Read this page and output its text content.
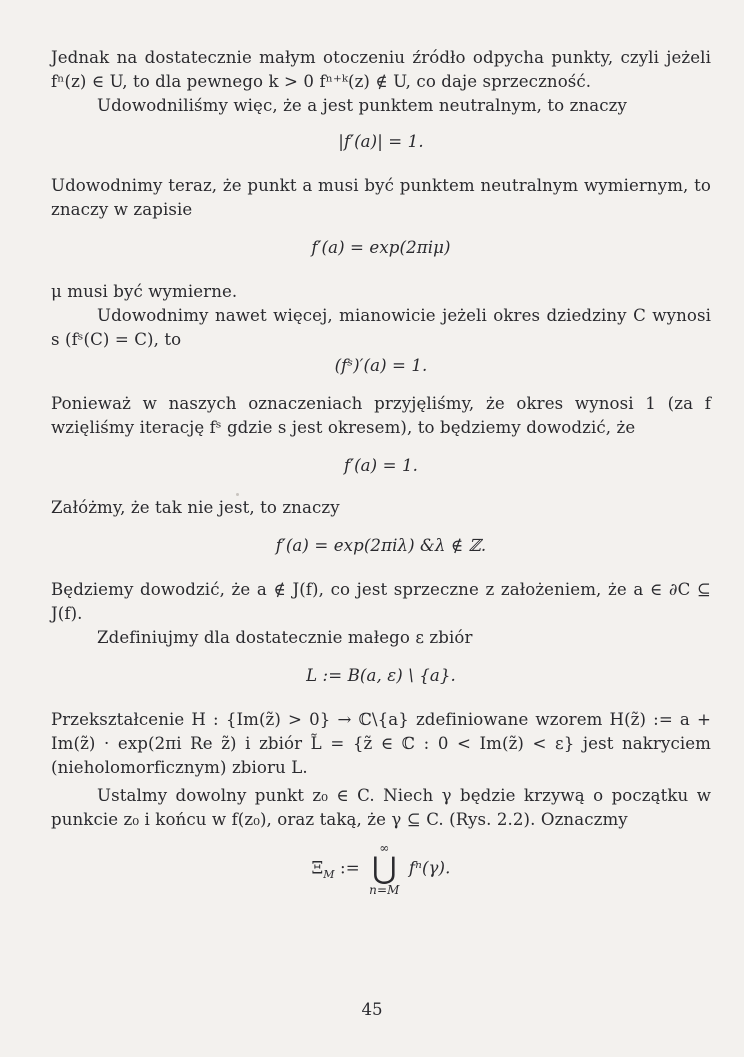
Jednak na dostatecznie małym otoczeniu źródło odpycha punkty, czyli jeżeli fⁿ(z) ∈ U, to dla pewnego k > 0 fⁿ⁺ᵏ(z) ∉ U, co daje sprzeczność.

Udowodniliśmy więc, że a jest punktem neutralnym, to znaczy

|f′(a)| = 1.

Udowodnimy teraz, że punkt a musi być punktem neutralnym wymiernym, to znaczy w zapisie

f′(a) = exp(2πiμ)

μ musi być wymierne.

Udowodnimy nawet więcej, mianowicie jeżeli okres dziedziny C wynosi s (fˢ(C) = C), to

(fˢ)′(a) = 1.

Ponieważ w naszych oznaczeniach przyjęliśmy, że okres wynosi 1 (za f wzięliśmy iterację fˢ gdzie s jest okresem), to będziemy dowodzić, że

f′(a) = 1.

Załóżmy, że tak nie jest, to znaczy

f′(a) = exp(2πiλ) &λ ∉ ℤ.

Będziemy dowodzić, że a ∉ J(f), co jest sprzeczne z założeniem, że a ∈ ∂C ⊆ J(f).

Zdefiniujmy dla dostatecznie małego ε zbiór

L := B(a, ε) \ {a}.

Przekształcenie H : {Im(z̃) > 0} → ℂ\{a} zdefiniowane wzorem H(z̃) := a + Im(z̃) · exp(2πi Re z̃) i zbiór L̃ = {z̃ ∈ ℂ : 0 < Im(z̃) < ε} jest nakryciem (nieholomorficznym) zbioru L.

Ustalmy dowolny punkt z₀ ∈ C. Niech γ będzie krzywą o początku w punkcie z₀ i końcu w f(z₀), oraz taką, że γ ⊆ C. (Rys. 2.2). Oznaczmy

$\Xi_M$ :=
∞
⋃
n=M
fⁿ(γ).
45
